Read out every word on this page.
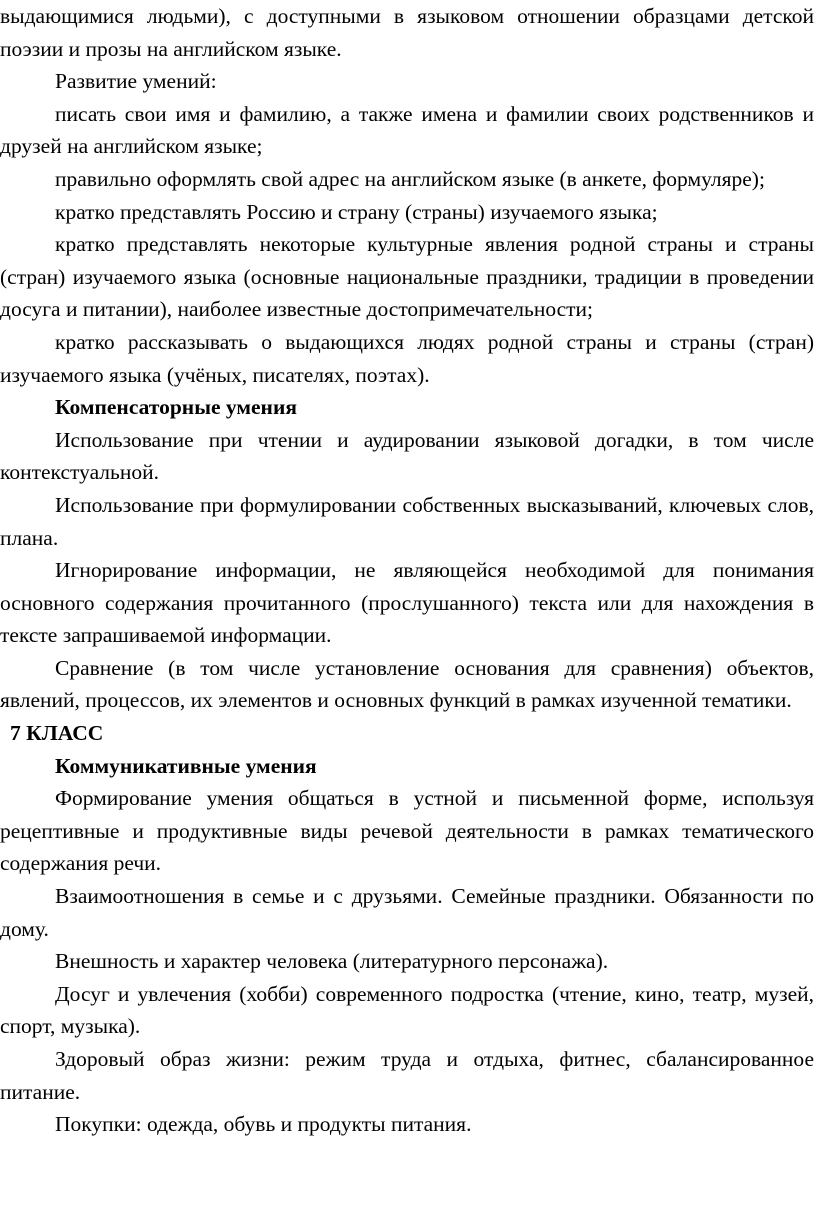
выдающимися людьми), с доступными в языковом отношении образцами детской поэзии и прозы на английском языке.

Развитие умений:

писать свои имя и фамилию, а также имена и фамилии своих родственников и друзей на английском языке;

правильно оформлять свой адрес на английском языке (в анкете, формуляре);

кратко представлять Россию и страну (страны) изучаемого языка;

кратко представлять некоторые культурные явления родной страны и страны (стран) изучаемого языка (основные национальные праздники, традиции в проведении досуга и питании), наиболее известные достопримечательности;

кратко рассказывать о выдающихся людях родной страны и страны (стран) изучаемого языка (учёных, писателях, поэтах).

Компенсаторные умения

Использование при чтении и аудировании языковой догадки, в том числе контекстуальной.

Использование при формулировании собственных высказываний, ключевых слов, плана.

Игнорирование информации, не являющейся необходимой для понимания основного содержания прочитанного (прослушанного) текста или для нахождения в тексте запрашиваемой информации.

Сравнение (в том числе установление основания для сравнения) объектов, явлений, процессов, их элементов и основных функций в рамках изученной тематики.

7 КЛАСС

Коммуникативные умения

Формирование умения общаться в устной и письменной форме, используя рецептивные и продуктивные виды речевой деятельности в рамках тематического содержания речи.

Взаимоотношения в семье и с друзьями. Семейные праздники. Обязанности по дому.

Внешность и характер человека (литературного персонажа).

Досуг и увлечения (хобби) современного подростка (чтение, кино, театр, музей, спорт, музыка).

Здоровый образ жизни: режим труда и отдыха, фитнес, сбалансированное питание.

Покупки: одежда, обувь и продукты питания.
